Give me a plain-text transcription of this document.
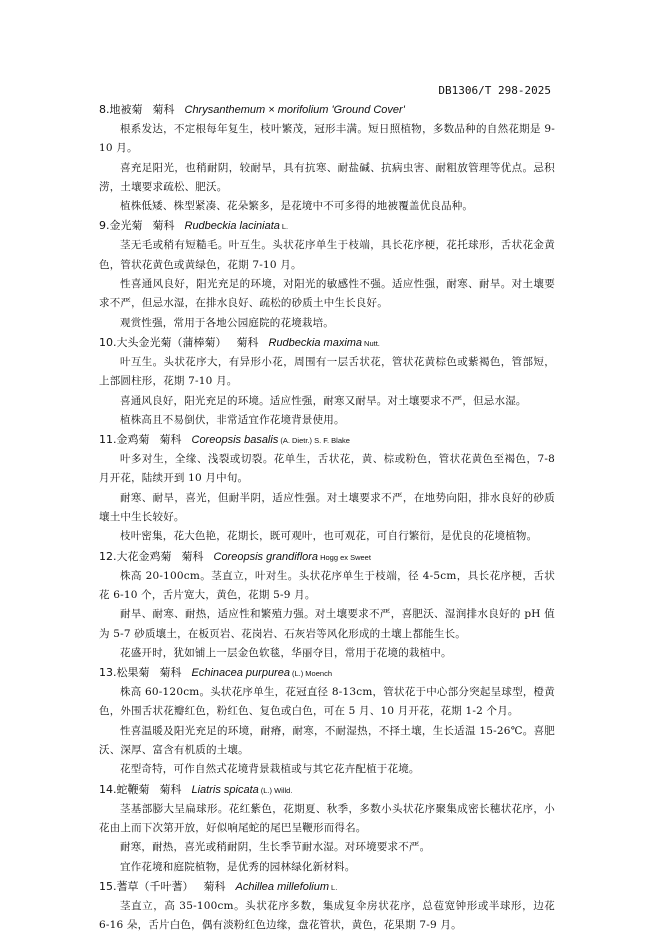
DB1306/T 298-2025
8.地被菊 菊科 Chrysanthemum × morifolium 'Ground Cover'

根系发达，不定根每年复生，枝叶繁茂，冠形丰满。短日照植物，多数品种的自然花期是 9-10 月。

喜充足阳光，也稍耐阴，较耐旱，具有抗寒、耐盐碱、抗病虫害、耐粗放管理等优点。忌积涝，土壤要求疏松、肥沃。

植株低矮、株型紧凑、花朵繁多，是花境中不可多得的地被覆盖优良品种。

9.金光菊 菊科 Rudbeckia laciniata L.

茎无毛或稍有短糙毛。叶互生。头状花序单生于枝端，具长花序梗，花托球形，舌状花金黄色，管状花黄色或黄绿色，花期 7-10 月。

性喜通风良好，阳光充足的环境，对阳光的敏感性不强。适应性强，耐寒、耐旱。对土壤要求不严，但忌水湿，在排水良好、疏松的砂质土中生长良好。

观赏性强，常用于各地公园庭院的花境栽培。

10.大头金光菊（蒲棒菊） 菊科 Rudbeckia maxima Nutt.

叶互生。头状花序大，有异形小花，周围有一层舌状花，管状花黄棕色或紫褐色，管部短，上部圆柱形，花期 7-10 月。

喜通风良好，阳光充足的环境。适应性强，耐寒又耐旱。对土壤要求不严，但忌水湿。

植株高且不易倒伏，非常适宜作花境背景使用。

11.金鸡菊 菊科 Coreopsis basalis (A. Dietr.) S. F. Blake

叶多对生，全缘、浅裂或切裂。花单生，舌状花，黄、棕或粉色，管状花黄色至褐色，7-8 月开花，陆续开到 10 月中旬。

耐寒、耐旱，喜光，但耐半阴，适应性强。对土壤要求不严，在地势向阳，排水良好的砂质壤土中生长较好。

枝叶密集，花大色艳，花期长，既可观叶，也可观花，可自行繁衍，是优良的花境植物。

12.大花金鸡菊 菊科 Coreopsis grandiflora Hogg ex Sweet

株高 20-100cm。茎直立，叶对生。头状花序单生于枝端，径 4-5cm，具长花序梗，舌状花 6-10 个，舌片宽大，黄色，花期 5-9 月。

耐旱、耐寒、耐热，适应性和繁殖力强。对土壤要求不严，喜肥沃、湿润排水良好的 pH 值为 5-7 砂质壤土，在板页岩、花岗岩、石灰岩等风化形成的土壤上都能生长。

花盛开时，犹如铺上一层金色软毯，华丽夺目，常用于花境的栽植中。

13.松果菊 菊科 Echinacea purpurea (L.) Moench

株高 60-120cm。头状花序单生，花冠直径 8-13cm，管状花于中心部分突起呈球型，橙黄色，外围舌状花瓣红色，粉红色、复色或白色，可在 5 月、10 月开花，花期 1-2 个月。

性喜温暖及阳光充足的环境，耐瘠，耐寒，不耐湿热，不择土壤，生长适温 15-26℃。喜肥沃、深厚、富含有机质的土壤。

花型奇特，可作自然式花境背景栽植或与其它花卉配植于花境。

14.蛇鞭菊 菊科 Liatris spicata (L.) Willd.

茎基部膨大呈扁球形。花红紫色，花期夏、秋季，多数小头状花序聚集成密长穗状花序，小花由上而下次第开放，好似响尾蛇的尾巴呈鞭形而得名。

耐寒，耐热，喜光或稍耐阴，生长季节耐水湿。对环境要求不严。

宜作花境和庭院植物，是优秀的园林绿化新材料。

15.蓍草（千叶蓍） 菊科 Achillea millefolium L.

茎直立，高 35-100cm。头状花序多数，集成复伞房状花序，总苞宽钟形或半球形，边花 6-16 朵，舌片白色，偶有淡粉红色边缘，盘花管状，黄色，花果期 7-9 月。
